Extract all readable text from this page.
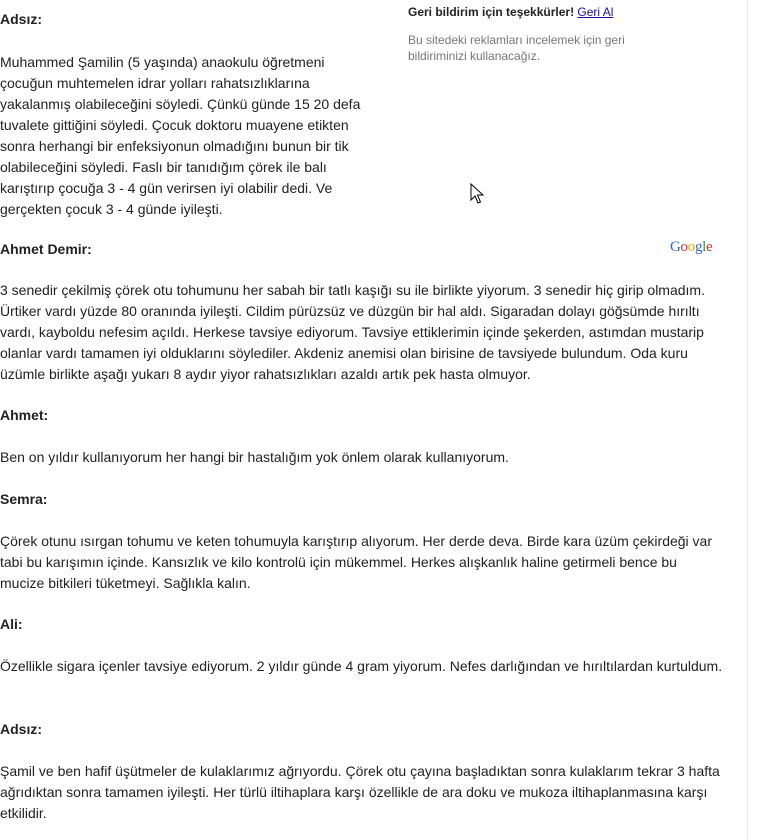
Adsız:

Muhammed Şamilin (5 yaşında) anaokulu öğretmeni çocuğun muhtemelen idrar yolları rahatsızlıklarına yakalanmış olabileceğini söyledi. Çünkü günde 15 20 defa tuvalete gittiğini söyledi. Çocuk doktoru muayene etikten sonra herhangi bir enfeksiyonun olmadığını bunun bir tik olabileceğini söyledi. Faslı bir tanıdığım çörek ile balı karıştırıp çocuğa 3 - 4 gün verirsen iyi olabilir dedi. Ve gerçekten çocuk 3 - 4 günde iyileşti.

Geri bildirim için teşekkürler! Geri Al
Bu sitedeki reklamları incelemek için geri bildiriminizi kullanacağız.
Google

Ahmet Demir:

3 senedir çekilmiş çörek otu tohumunu her sabah bir tatlı kaşığı su ile birlikte yiyorum. 3 senedir hiç girip olmadım. Ürtiker vardı yüzde 80 oranında iyileşti. Cildim pürüzsüz ve düzgün bir hal aldı. Sigaradan dolayı göğsümde hırıltı vardı, kayboldu nefesim açıldı. Herkese tavsiye ediyorum. Tavsiye ettiklerimin içinde şekerden, astımdan mustarip olanlar vardı tamamen iyi olduklarını söylediler. Akdeniz anemisi olan birisine de tavsiyede bulundum. Oda kuru üzümle birlikte aşağı yukarı 8 aydır yiyor rahatsızlıkları azaldı artık pek hasta olmuyor.

Ahmet:

Ben on yıldır kullanıyorum her hangi bir hastalığım yok önlem olarak kullanıyorum.

Semra:

Çörek otunu ısırgan tohumu ve keten tohumuyla karıştırıp alıyorum. Her derde deva. Birde kara üzüm çekirdeği var tabi bu karışımın içinde. Kansızlık ve kilo kontrolü için mükemmel. Herkes alışkanlık haline getirmeli bence bu mucize bitkileri tüketmeyi. Sağlıkla kalın.

Ali:

Özellikle sigara içenler tavsiye ediyorum. 2 yıldır günde 4 gram yiyorum. Nefes darlığından ve hırıltılardan kurtuldum.

Adsız:

Şamil ve ben hafif üşütmeler de kulaklarımız ağrıyordu. Çörek otu çayına başladıktan sonra kulaklarım tekrar 3 hafta ağrıdıktan sonra tamamen iyileşti. Her türlü iltihaplara karşı özellikle de ara doku ve mukoza iltihaplanmasına karşı etkilidir.
